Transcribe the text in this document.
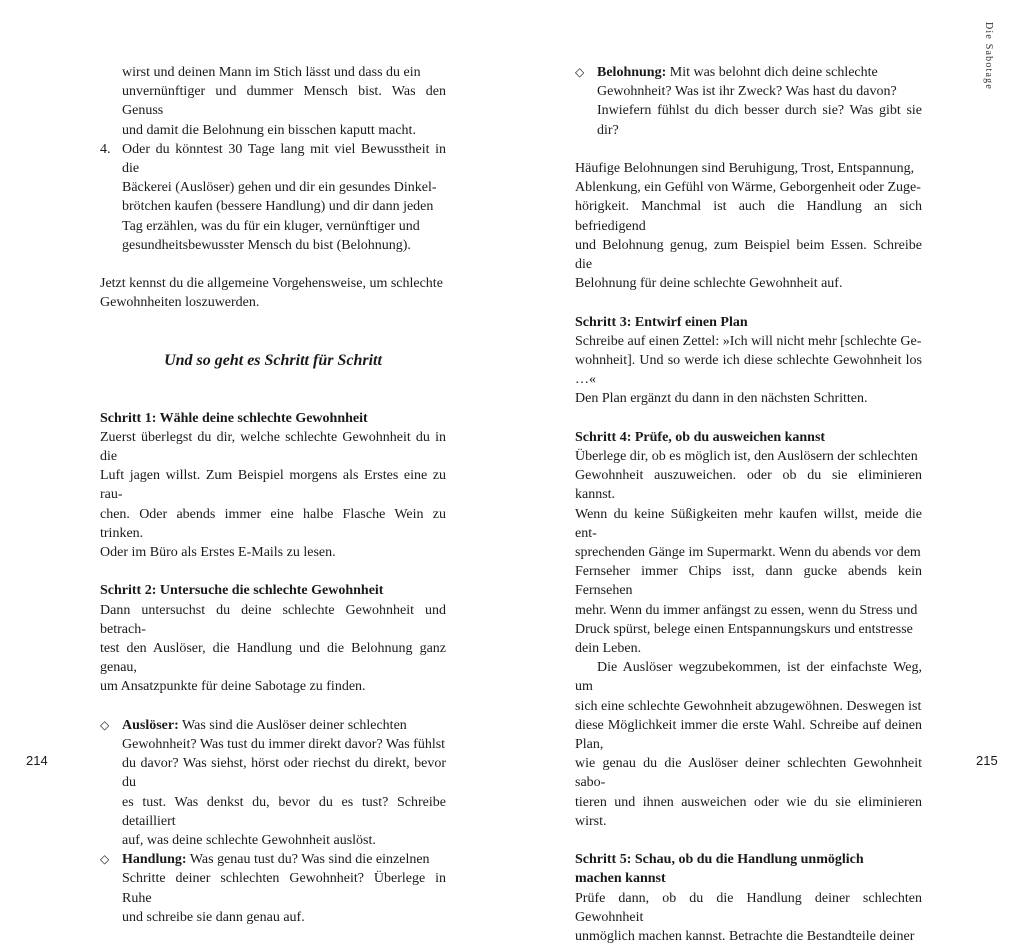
wirst und deinen Mann im Stich lässt und dass du ein

unvernünftiger und dummer Mensch bist. Was den Genuss

und damit die Belohnung ein bisschen kaputt macht.

4. Oder du könntest 30 Tage lang mit viel Bewusstheit in die

Bäckerei (Auslöser) gehen und dir ein gesundes Dinkel-

brötchen kaufen (bessere Handlung) und dir dann jeden

Tag erzählen, was du für ein kluger, vernünftiger und

gesundheitsbewusster Mensch du bist (Belohnung).

Jetzt kennst du die allgemeine Vorgehensweise, um schlechte

Gewohnheiten loszuwerden.

Und so geht es Schritt für Schritt

Schritt 1: Wähle deine schlechte Gewohnheit

Zuerst überlegst du dir, welche schlechte Gewohnheit du in die

Luft jagen willst. Zum Beispiel morgens als Erstes eine zu rau-

chen. Oder abends immer eine halbe Flasche Wein zu trinken.

Oder im Büro als Erstes E-Mails zu lesen.

Schritt 2: Untersuche die schlechte Gewohnheit

Dann untersuchst du deine schlechte Gewohnheit und betrach-

test den Auslöser, die Handlung und die Belohnung ganz genau,

um Ansatzpunkte für deine Sabotage zu finden.

◇ Auslöser: Was sind die Auslöser deiner schlechten

Gewohnheit? Was tust du immer direkt davor? Was fühlst

du davor? Was siehst, hörst oder riechst du direkt, bevor du

es tust. Was denkst du, bevor du es tust? Schreibe detailliert

auf, was deine schlechte Gewohnheit auslöst.

◇ Handlung: Was genau tust du? Was sind die einzelnen

Schritte deiner schlechten Gewohnheit? Überlege in Ruhe

und schreibe sie dann genau auf.

214
Die Sabotage
◇ Belohnung: Mit was belohnt dich deine schlechte

Gewohnheit? Was ist ihr Zweck? Was hast du davon?

Inwiefern fühlst du dich besser durch sie? Was gibt sie dir?

Häufige Belohnungen sind Beruhigung, Trost, Entspannung,

Ablenkung, ein Gefühl von Wärme, Geborgenheit oder Zuge-

hörigkeit. Manchmal ist auch die Handlung an sich befriedigend

und Belohnung genug, zum Beispiel beim Essen. Schreibe die

Belohnung für deine schlechte Gewohnheit auf.

Schritt 3: Entwirf einen Plan

Schreibe auf einen Zettel: »Ich will nicht mehr [schlechte Ge-

wohnheit]. Und so werde ich diese schlechte Gewohnheit los …«

Den Plan ergänzt du dann in den nächsten Schritten.

Schritt 4: Prüfe, ob du ausweichen kannst

Überlege dir, ob es möglich ist, den Auslösern der schlechten

Gewohnheit auszuweichen. oder ob du sie eliminieren kannst.

Wenn du keine Süßigkeiten mehr kaufen willst, meide die ent-

sprechenden Gänge im Supermarkt. Wenn du abends vor dem

Fernseher immer Chips isst, dann gucke abends kein Fernsehen

mehr. Wenn du immer anfängst zu essen, wenn du Stress und

Druck spürst, belege einen Entspannungskurs und entstresse

dein Leben.

Die Auslöser wegzubekommen, ist der einfachste Weg, um

sich eine schlechte Gewohnheit abzugewöhnen. Deswegen ist

diese Möglichkeit immer die erste Wahl. Schreibe auf deinen Plan,

wie genau du die Auslöser deiner schlechten Gewohnheit sabo-

tieren und ihnen ausweichen oder wie du sie eliminieren wirst.

Schritt 5: Schau, ob du die Handlung unmöglich

machen kannst

Prüfe dann, ob du die Handlung deiner schlechten Gewohnheit

unmöglich machen kannst. Betrachte die Bestandteile deiner

215
